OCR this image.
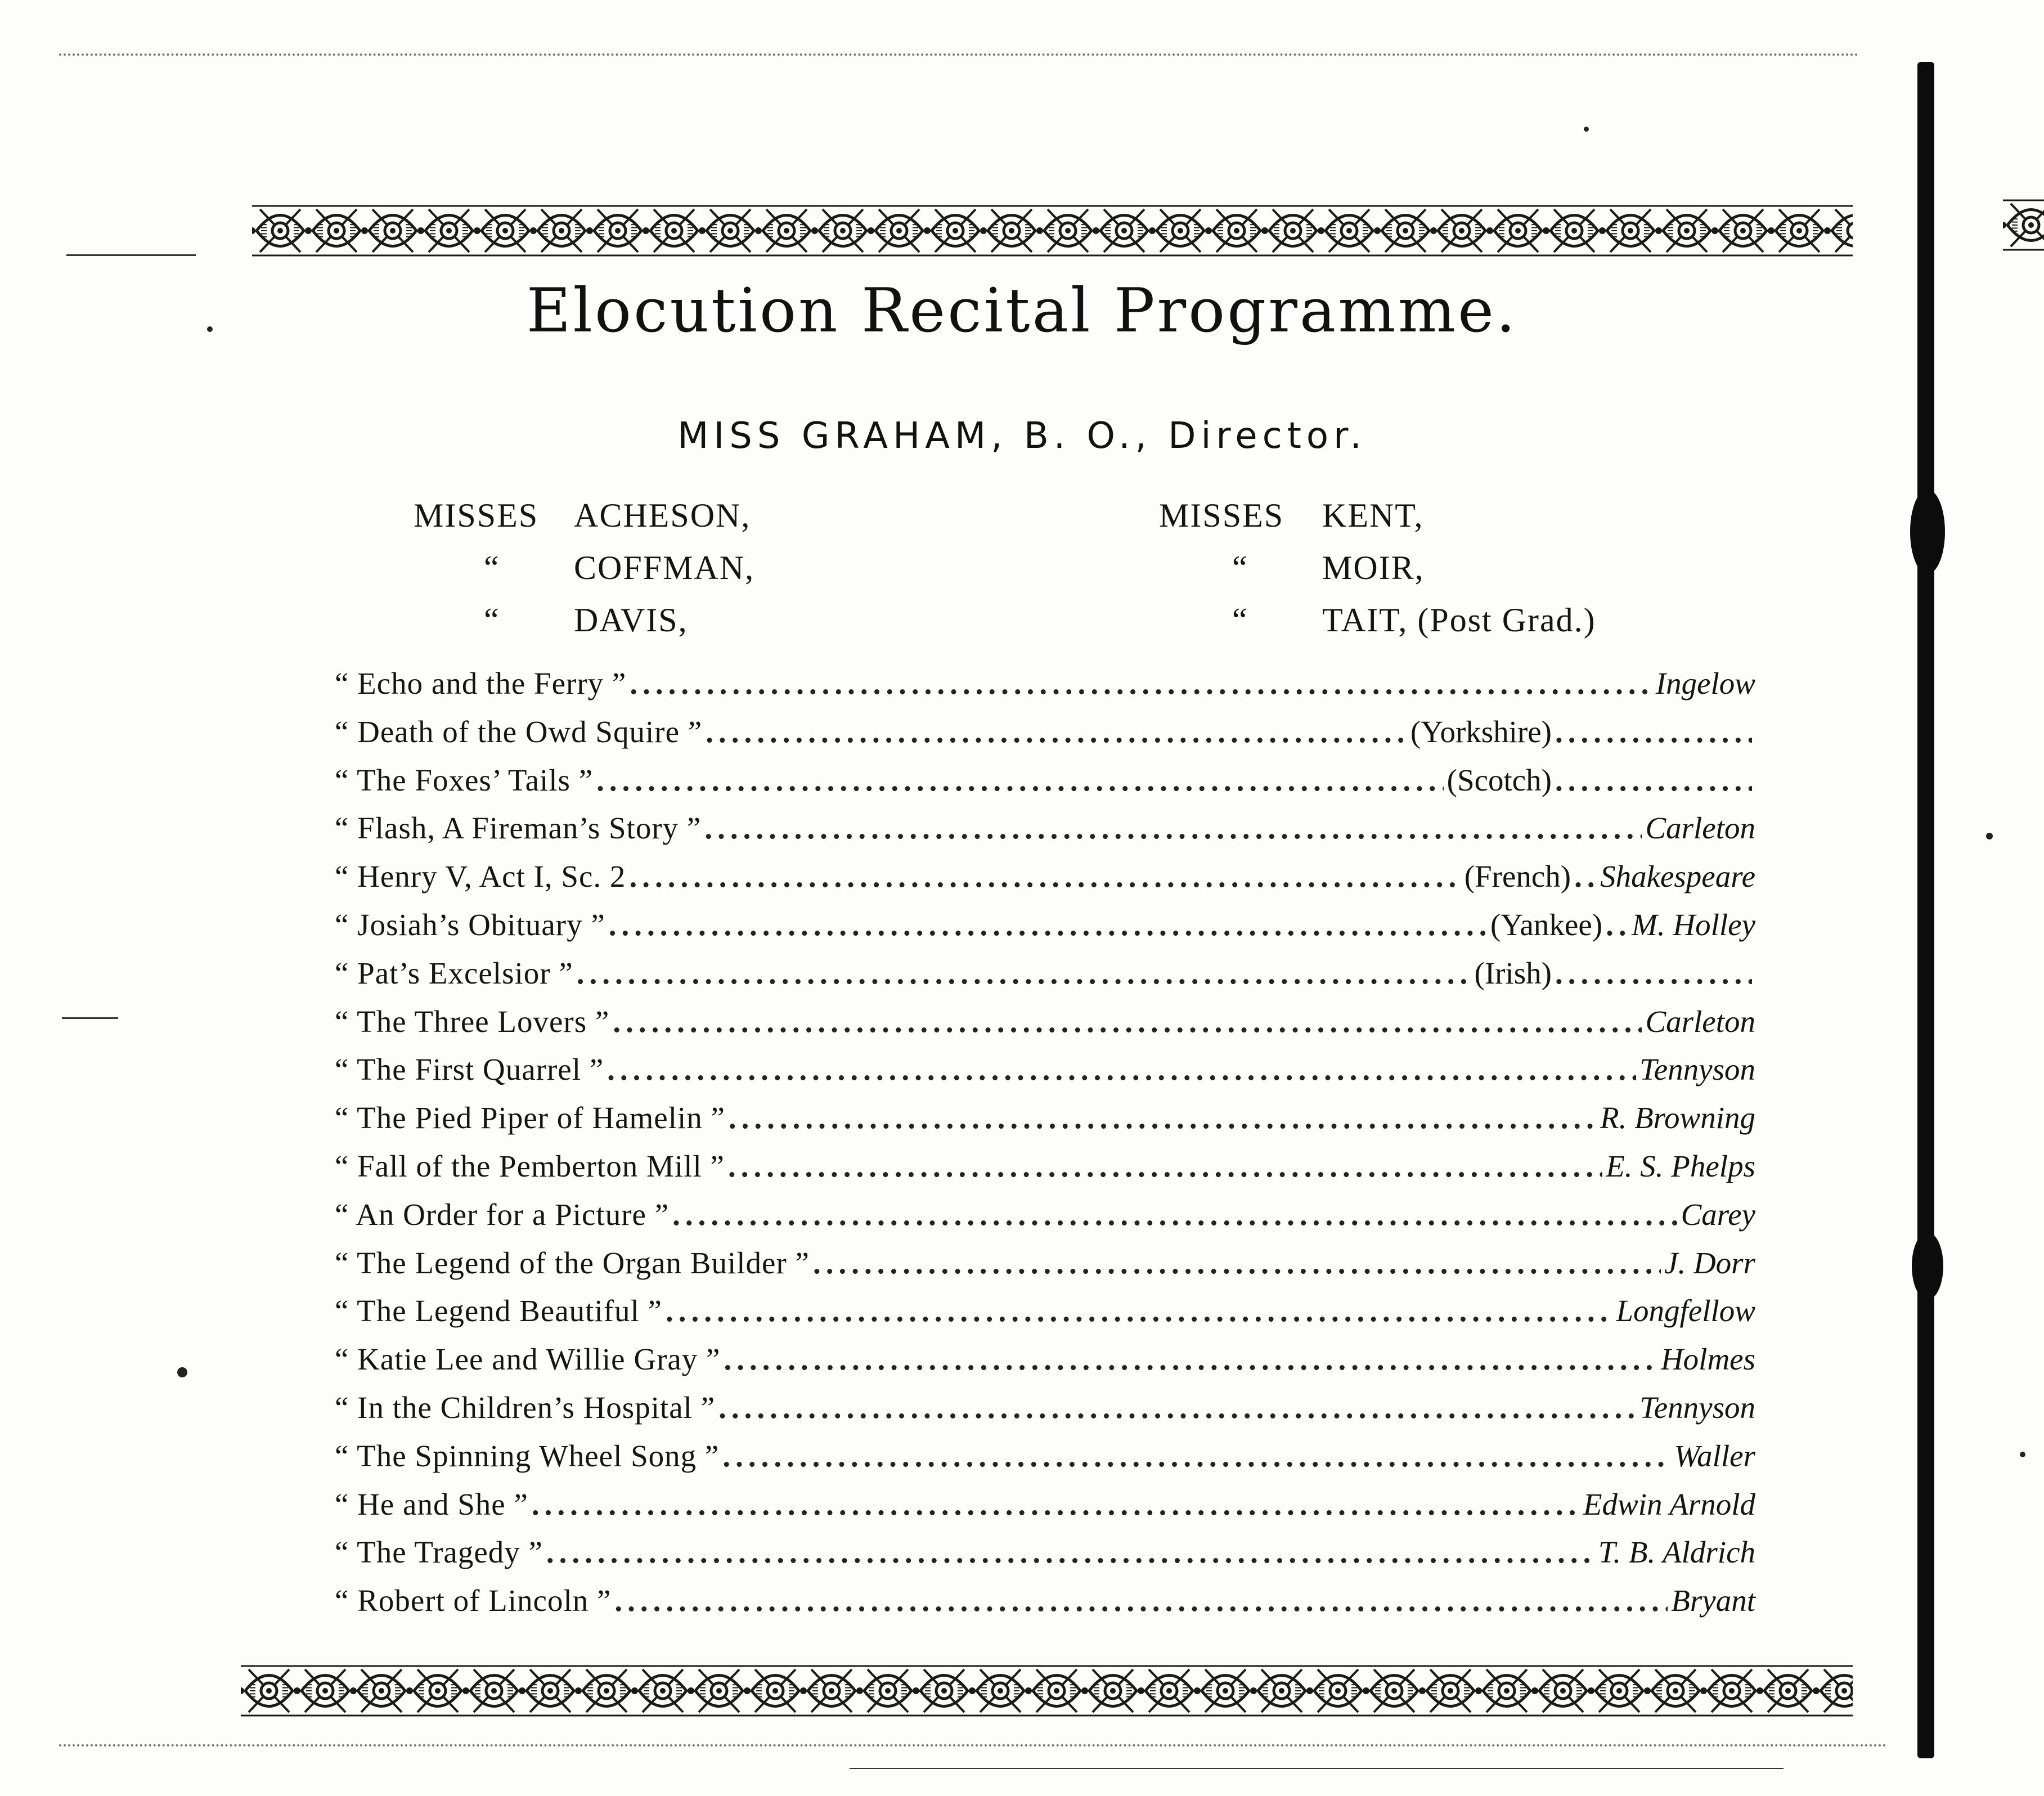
Elocution Recital Programme.
MISS GRAHAM, B. O., Director.
MISSES ACHESON,
“ COFFMAN,
“ DAVIS,
MISSES KENT,
“ MOIR,
“ TAIT, (Post Grad.)
“ Echo and the Ferry ” .....	Ingelow
“ Death of the Owd Squire ” .....	(Yorkshire)
.....
“ The Foxes’ Tails ” .....	(Scotch)
.....
“ Flash, A Fireman’s Story ” .....	Carleton
“ Henry V, Act I, Sc. 2 .....	(French) ..... Shakespeare
“ Josiah’s Obituary ” .....	(Yankee) ..... M. Holley
“ Pat’s Excelsior ” .....	(Irish)
.....
“ The Three Lovers ” .....	Carleton
“ The First Quarrel ” .....	Tennyson
“ The Pied Piper of Hamelin ” .....	R. Browning
“ Fall of the Pemberton Mill ” .....	E. S. Phelps
“ An Order for a Picture ” .....	Carey
“ The Legend of the Organ Builder ” .....	J. Dorr
“ The Legend Beautiful ” .....	Longfellow
“ Katie Lee and Willie Gray ” .....	Holmes
“ In the Children’s Hospital ” .....	Tennyson
“ The Spinning Wheel Song ” .....	Waller
“ He and She ” .....	Edwin Arnold
“ The Tragedy ” .....	T. B. Aldrich
“ Robert of Lincoln ” .....	Bryant
